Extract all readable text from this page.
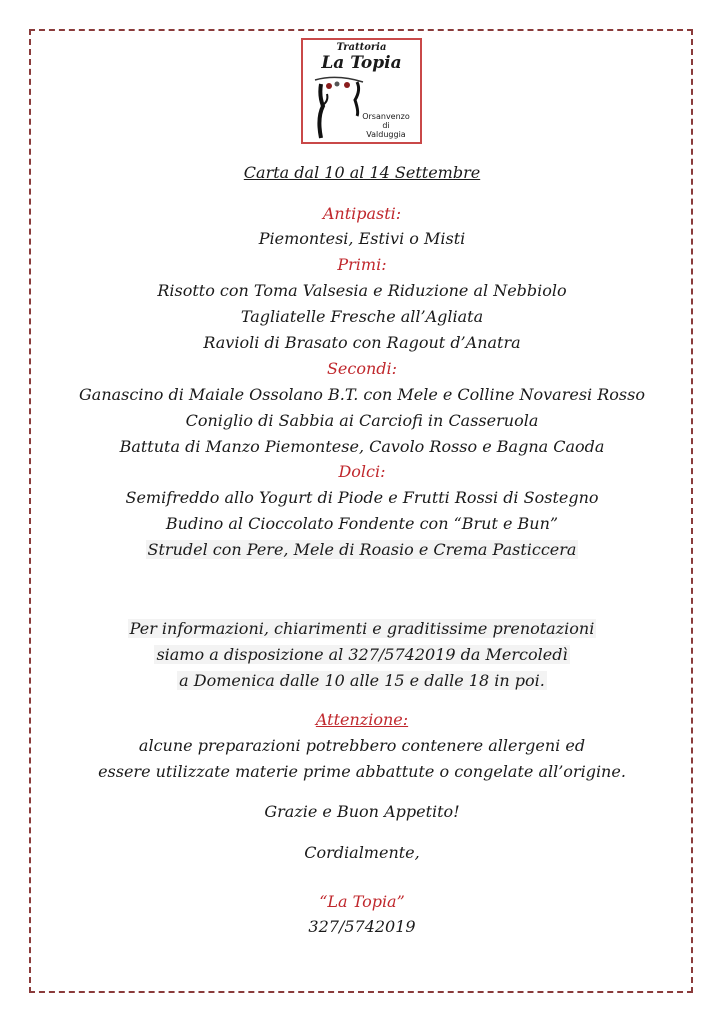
Trattoria
La Topia
Orsanvenzo
di
Valduggia
Carta dal 10 al 14 Settembre
Antipasti:
Piemontesi, Estivi o Misti
Primi:
Risotto con Toma Valsesia e Riduzione al Nebbiolo
Tagliatelle Fresche all’Agliata
Ravioli di Brasato con Ragout d’Anatra
Secondi:
Ganascino di Maiale Ossolano B.T. con Mele e Colline Novaresi Rosso
Coniglio di Sabbia ai Carciofi in Casseruola
Battuta di Manzo Piemontese, Cavolo Rosso e Bagna Caoda
Dolci:
Semifreddo allo Yogurt di Piode e Frutti Rossi di Sostegno
Budino al Cioccolato Fondente con “Brut e Bun”
Strudel con Pere, Mele di Roasio e Crema Pasticcera
Per informazioni, chiarimenti e graditissime prenotazioni
siamo a disposizione al 327/5742019 da Mercoledì
a Domenica dalle 10 alle 15 e dalle 18 in poi.
Attenzione:
alcune preparazioni potrebbero contenere allergeni ed
essere utilizzate materie prime abbattute o congelate all’origine.
Grazie e Buon Appetito!
Cordialmente,
“La Topia”
327/5742019
